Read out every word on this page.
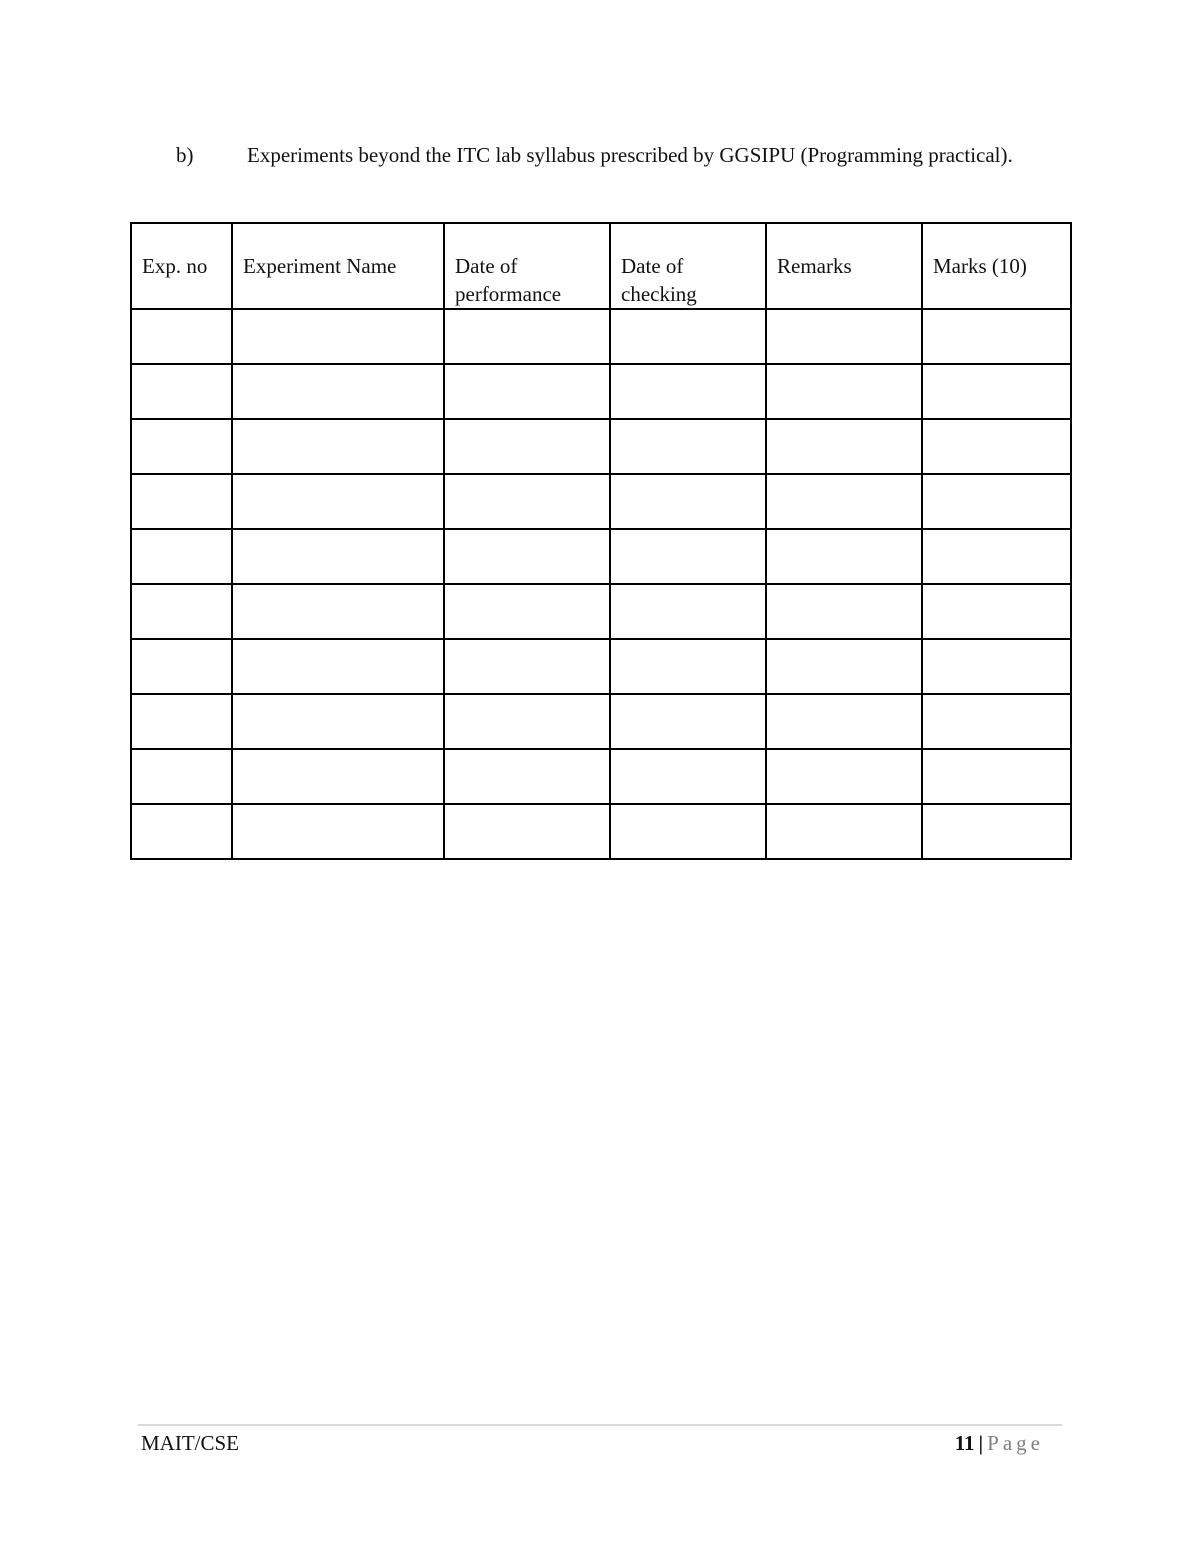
b)	Experiments beyond the ITC lab syllabus prescribed by GGSIPU (Programming practical).
Exp. no	Experiment Name	Date of performance	Date of checking	Remarks	Marks (10)

MAIT/CSE	11 | Page
